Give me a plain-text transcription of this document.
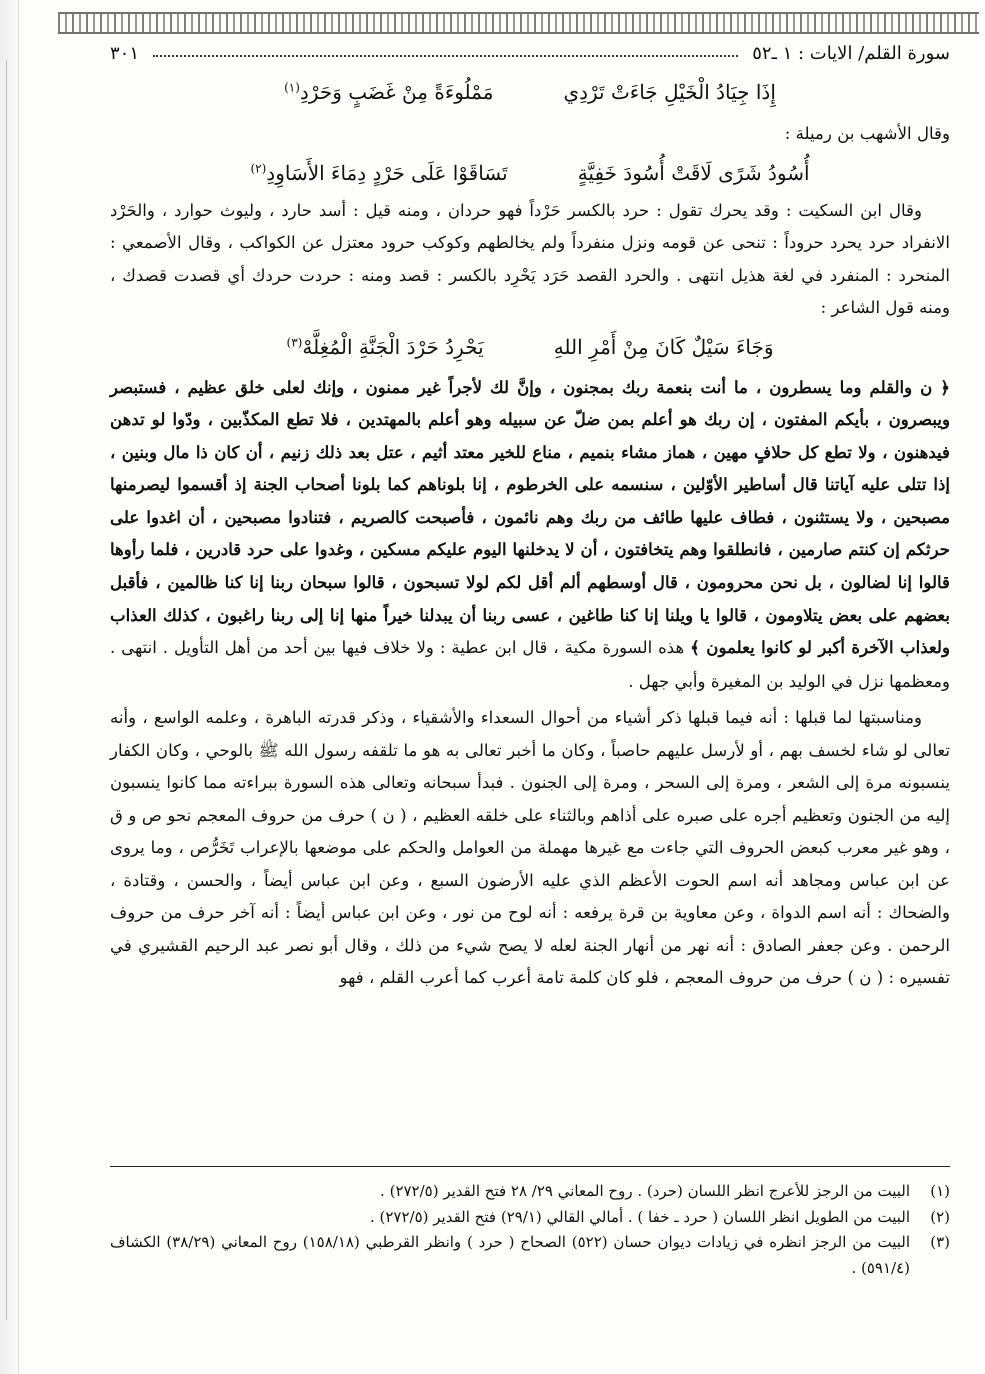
سورة القلم/ الايات : ١ ـ٥٢
٣٠١
إِذَا جِيَادُ الْخَيْلِ جَاءَتْ تَرْدِي
مَمْلُوءَةً مِنْ غَضَبٍ وَحَرْدِ$^{(١)}$

وقال الأشهب بن رميلة :

أُسُودُ شَرًى لَاقَتْ أُسُودَ خَفِيَّةٍ
تَسَاقَوْا عَلَى حَرْدٍ دِمَاءَ الأَسَاوِدِ$^{(٢)}$

وقال ابن السكيت : وقد يحرك تقول : حرد بالكسر حَرْداً فهو حردان ، ومنه قيل : أسد حارد ، وليوث حوارد ، والحَرْد الانفراد حرد يحرد حروداً : تنحى عن قومه ونزل منفرداً ولم يخالطهم وكوكب حرود معتزل عن الكواكب ، وقال الأصمعي : المنحرد : المنفرد في لغة هذيل انتهى . والحرد القصد حَرَد يَحْرِد بالكسر : قصد ومنه : حردت حردك أي قصدت قصدك ، ومنه قول الشاعر :

وَجَاءَ سَيْلٌ كَانَ مِنْ أَمْرِ اللهِ
يَحْرِدُ حَرْدَ الْجَنَّةِ الْمُغِلَّهْ$^{(٣)}$

﴿ ن والقلم وما يسطرون ، ما أنت بنعمة ربك بمجنون ، وإنَّ لك لأجراً غير ممنون ، وإنك لعلى خلق عظيم ، فستبصر ويبصرون ، بأيكم المفتون ، إن ربك هو أعلم بمن ضلّ عن سبيله وهو أعلم بالمهتدين ، فلا تطع المكذّبين ، ودّوا لو تدهن فيدهنون ، ولا تطع كل حلافٍ مهين ، هماز مشاء بنميم ، مناع للخير معتد أثيم ، عتل بعد ذلك زنيم ، أن كان ذا مال وبنين ، إذا تتلى عليه آياتنا قال أساطير الأوّلين ، سنسمه على الخرطوم ، إنا بلوناهم كما بلونا أصحاب الجنة إذ أقسموا ليصرمنها مصبحين ، ولا يستثنون ، فطاف عليها طائف من ربك وهم نائمون ، فأصبحت كالصريم ، فتنادوا مصبحين ، أن اغدوا على حرثكم إن كنتم صارمين ، فانطلقوا وهم يتخافتون ، أن لا يدخلنها اليوم عليكم مسكين ، وغدوا على حرد قادرين ، فلما رأوها قالوا إنا لضالون ، بل نحن محرومون ، قال أوسطهم ألم أقل لكم لولا تسبحون ، قالوا سبحان ربنا إنا كنا ظالمين ، فأقبل بعضهم على بعض يتلاومون ، قالوا يا ويلنا إنا كنا طاغين ، عسى ربنا أن يبدلنا خيراً منها إنا إلى ربنا راغبون ، كذلك العذاب ولعذاب الآخرة أكبر لو كانوا يعلمون ﴾ هذه السورة مكية ، قال ابن عطية : ولا خلاف فيها بين أحد من أهل التأويل . انتهى . ومعظمها نزل في الوليد بن المغيرة وأبي جهل .

ومناسبتها لما قبلها : أنه فيما قبلها ذكر أشياء من أحوال السعداء والأشقياء ، وذكر قدرته الباهرة ، وعلمه الواسع ، وأنه تعالى لو شاء لخسف بهم ، أو لأرسل عليهم حاصباً ، وكان ما أخبر تعالى به هو ما تلقفه رسول الله ﷺ بالوحي ، وكان الكفار ينسبونه مرة إلى الشعر ، ومرة إلى السحر ، ومرة إلى الجنون . فبدأ سبحانه وتعالى هذه السورة ببراءته مما كانوا ينسبون إليه من الجنون وتعظيم أجره على صبره على أذاهم وبالثناء على خلقه العظيم ، ( ن ) حرف من حروف المعجم نحو ص و ق ، وهو غير معرب كبعض الحروف التي جاءت مع غيرها مهملة من العوامل والحكم على موضعها بالإعراب تَخَرُّص ، وما يروى عن ابن عباس ومجاهد أنه اسم الحوت الأعظم الذي عليه الأرضون السبع ، وعن ابن عباس أيضاً ، والحسن ، وقتادة ، والضحاك : أنه اسم الدواة ، وعن معاوية بن قرة يرفعه : أنه لوح من نور ، وعن ابن عباس أيضاً : أنه آخر حرف من حروف الرحمن . وعن جعفر الصادق : أنه نهر من أنهار الجنة لعله لا يصح شيء من ذلك ، وقال أبو نصر عبد الرحيم القشيري في تفسيره : ( ن ) حرف من حروف المعجم ، فلو كان كلمة تامة أعرب كما أعرب القلم ، فهو

(١)
البيت من الرجز للأعرج انظر اللسان (حرد) . روح المعاني ٢٩/ ٢٨ فتح القدير (٢٧٢/٥) .
(٢)
البيت من الطويل انظر اللسان ( حرد ـ خفا ) . أمالي القالي (٢٩/١) فتح القدير (٢٧٢/٥) .
(٣)
البيت من الرجز انظره في زيادات ديوان حسان (٥٢٢) الصحاح ( حرد ) وانظر القرطبي (١٥٨/١٨) روح المعاني (٣٨/٢٩) الكشاف (٥٩١/٤) .
